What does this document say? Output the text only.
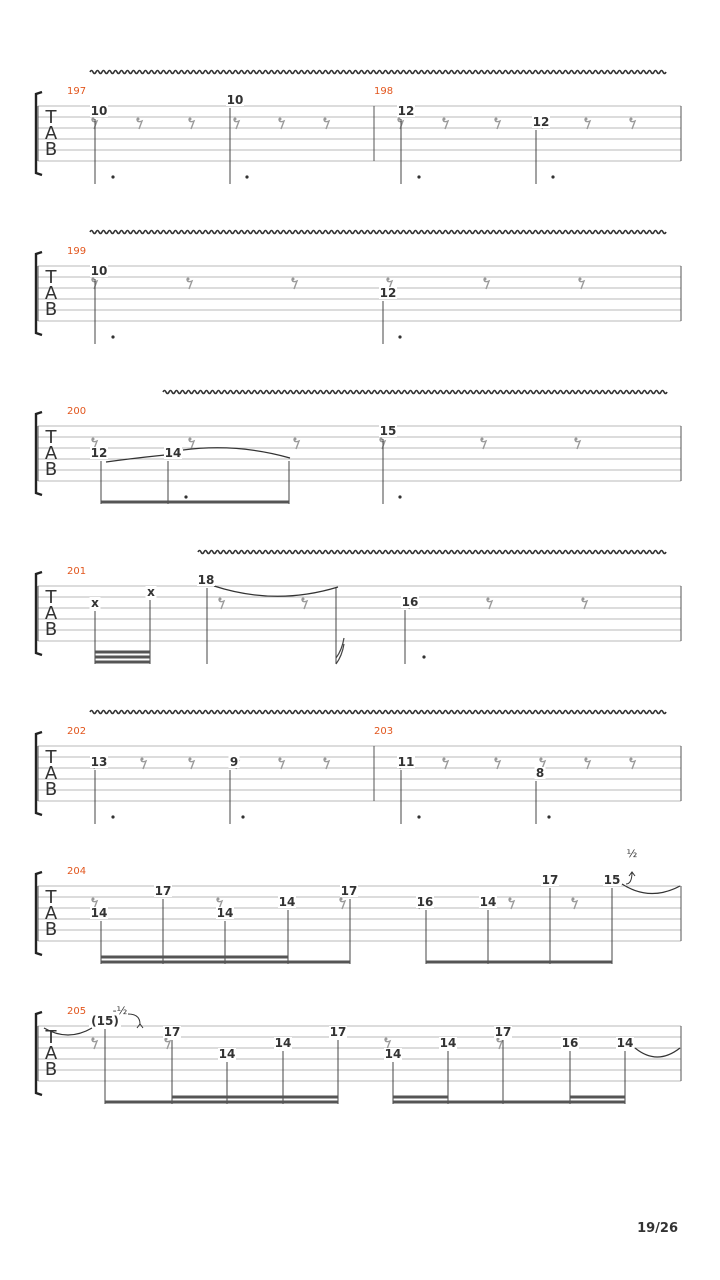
T
A
B
197	198
10
10
12
12
T
A
B
199
10
12
T
A
B
200
12	14
15
T
A
B
201
x
x
18
16
T
A
B
202	203
13	9	11
8
T
A
B
204
14
17
14
14
17
16	14
17	15
½
T
A
B
205
(15)
17
14
14
17
14
14
17
16	14
-½
19/26
